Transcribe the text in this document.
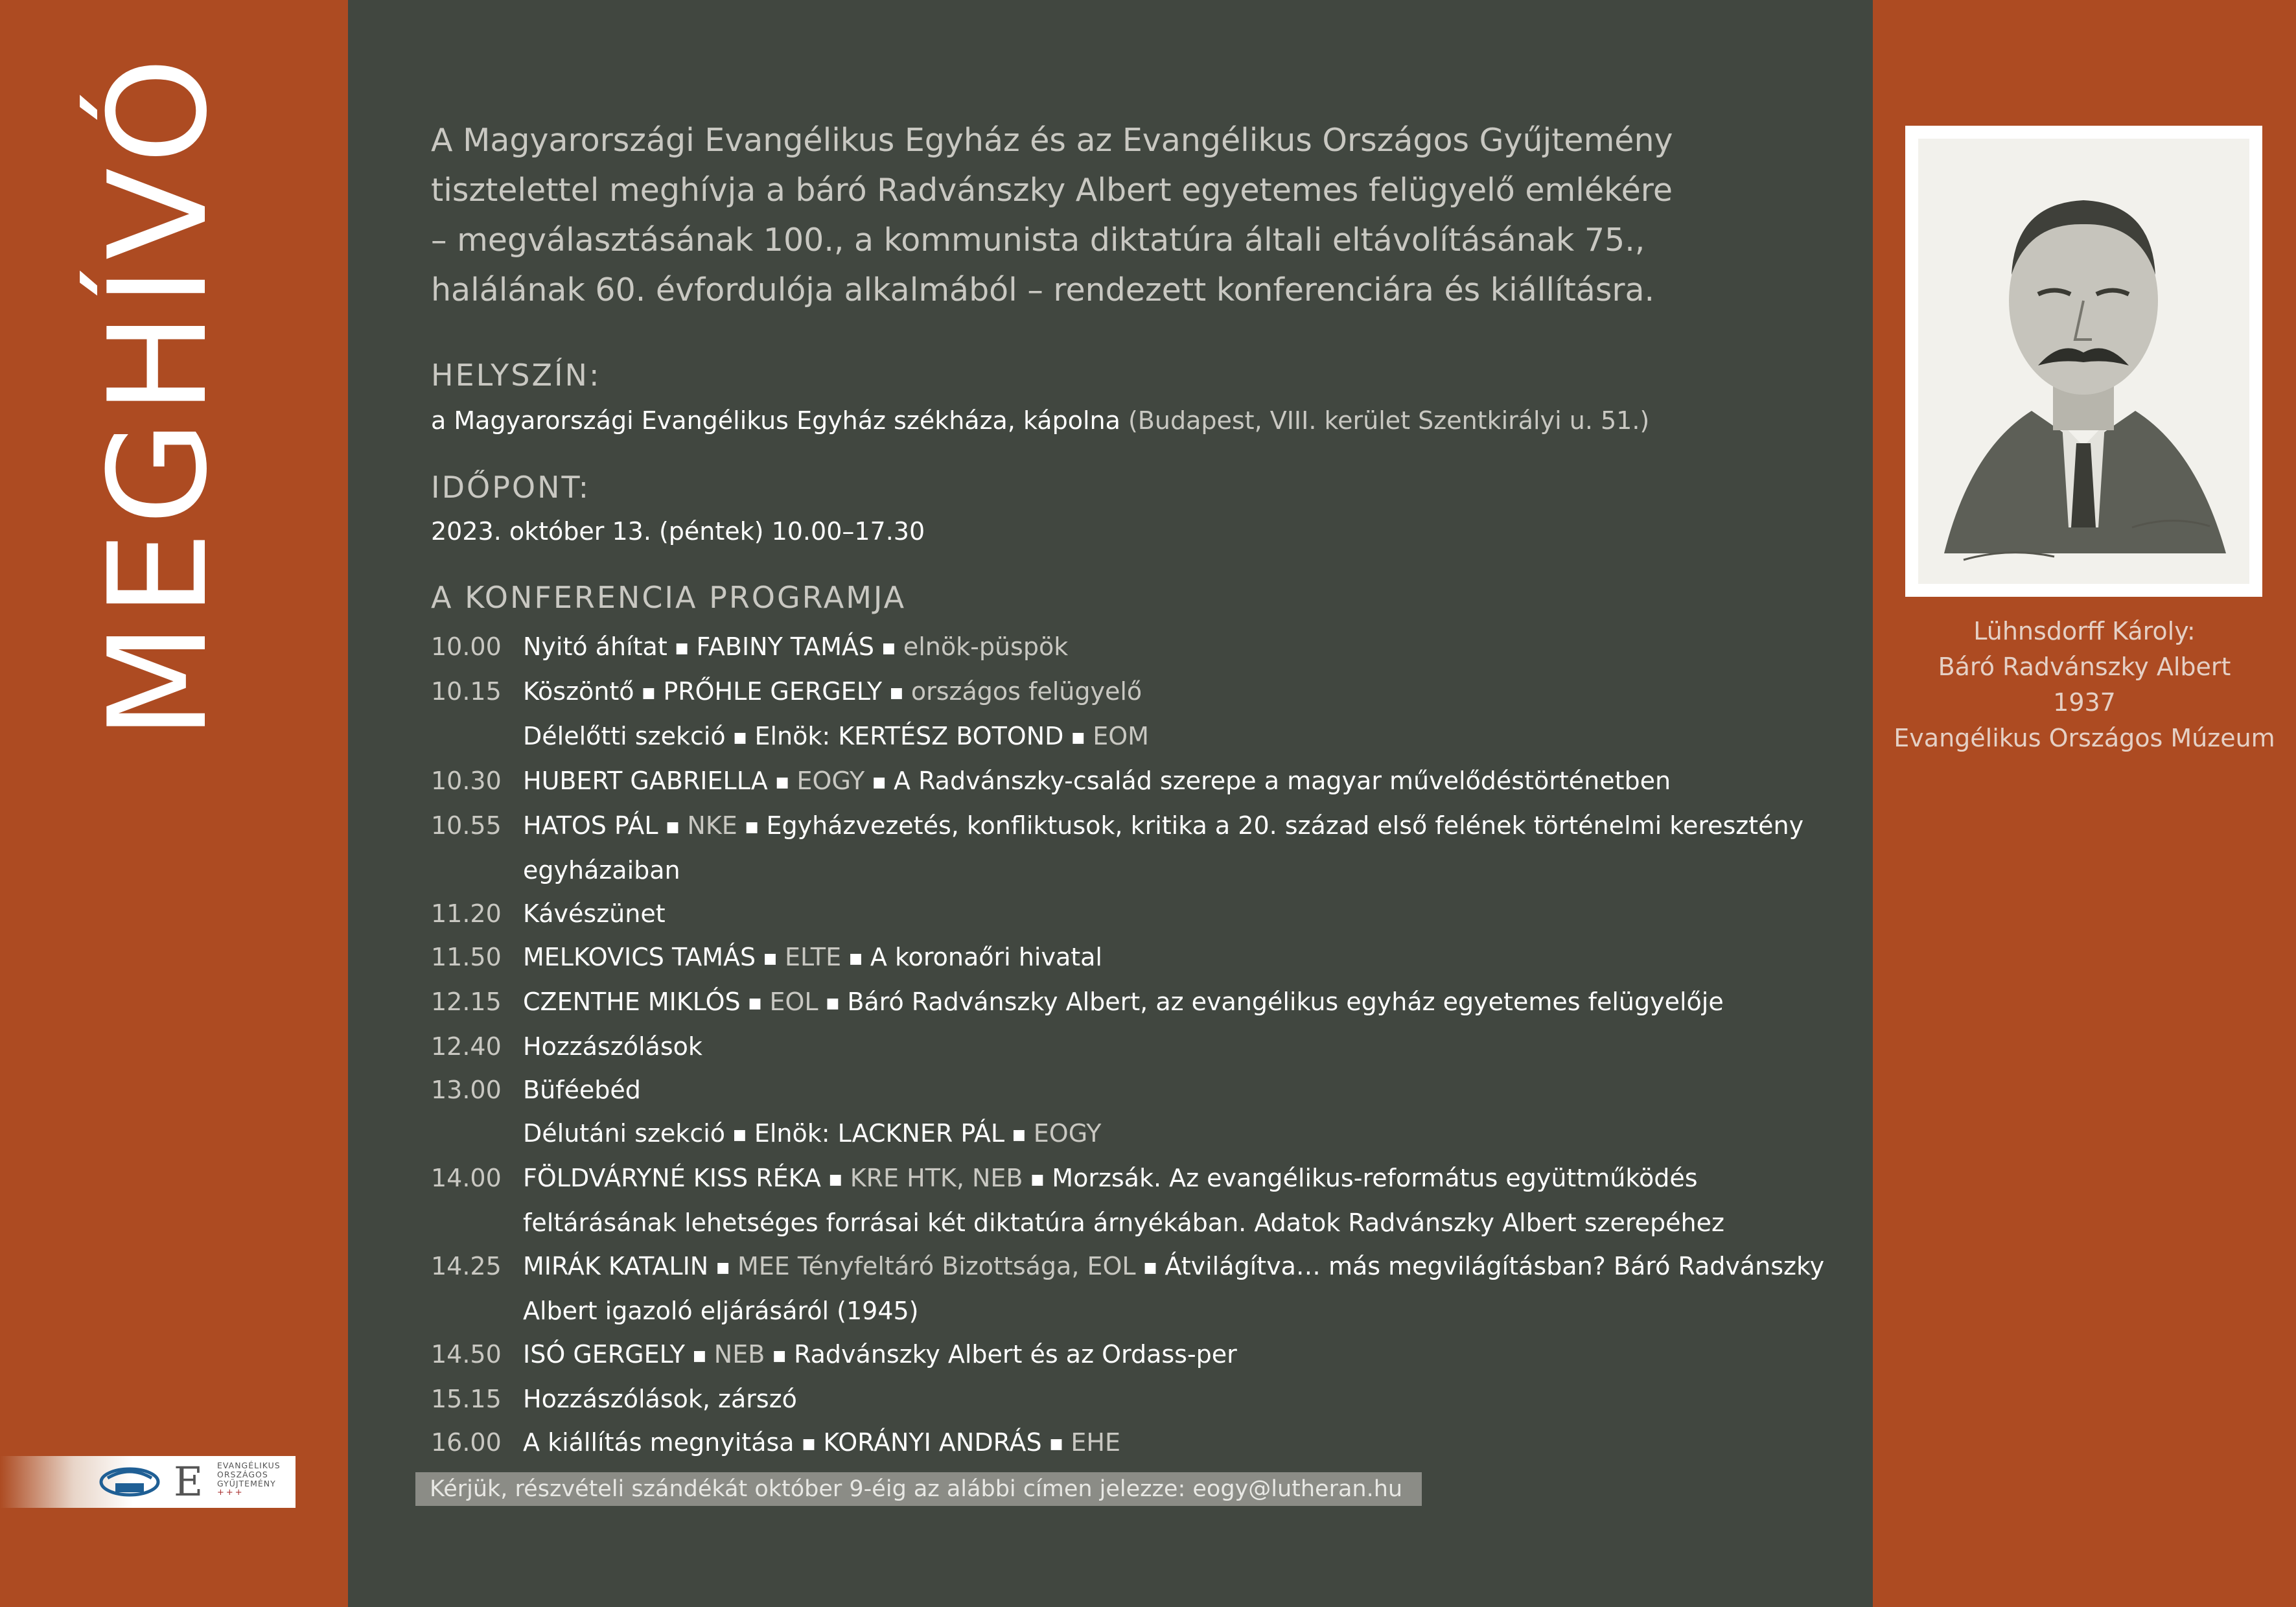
MEGHÍVÓ
E EVANGÉLIKUS
ORSZÁGOS
GYŰJTEMÉNY
+++
A Magyarországi Evangélikus Egyház és az Evangélikus Országos Gyűjtemény
tisztelettel meghívja a báró Radvánszky Albert egyetemes felügyelő emlékére
– megválasztásának 100., a kommunista diktatúra általi eltávolításának 75.,
halálának 60. évfordulója alkalmából – rendezett konferenciára és kiállításra.
HELYSZÍN:
a Magyarországi Evangélikus Egyház székháza, kápolna (Budapest, VIII. kerület Szentkirályi u. 51.)
IDŐPONT:
2023. október 13. (péntek) 10.00–17.30
A KONFERENCIA PROGRAMJA
10.00 Nyitó áhítat ■ FABINY TAMÁS ■ elnök-püspök
10.15 Köszöntő ■ PRŐHLE GERGELY ■ országos felügyelő
Délelőtti szekció ■ Elnök: KERTÉSZ BOTOND ■ EOM
10.30 HUBERT GABRIELLA ■ EOGY ■ A Radvánszky-család szerepe a magyar művelődéstörténetben
10.55 HATOS PÁL ■ NKE ■ Egyházvezetés, konfliktusok, kritika a 20. század első felének történelmi keresztény egyházaiban
11.20 Kávészünet
11.50 MELKOVICS TAMÁS ■ ELTE ■ A koronaőri hivatal
12.15 CZENTHE MIKLÓS ■ EOL ■ Báró Radvánszky Albert, az evangélikus egyház egyetemes felügyelője
12.40 Hozzászólások
13.00 Büféebéd
Délutáni szekció ■ Elnök: LACKNER PÁL ■ EOGY
14.00 FÖLDVÁRYNÉ KISS RÉKA ■ KRE HTK, NEB ■ Morzsák. Az evangélikus-református együttműködés feltárásának lehetséges forrásai két diktatúra árnyékában. Adatok Radvánszky Albert szerepéhez
14.25 MIRÁK KATALIN ■ MEE Tényfeltáró Bizottsága, EOL ■ Átvilágítva… más megvilágításban? Báró Radvánszky Albert igazoló eljárásáról (1945)
14.50 ISÓ GERGELY ■ NEB ■ Radvánszky Albert és az Ordass-per
15.15 Hozzászólások, zárszó
16.00 A kiállítás megnyitása ■ KORÁNYI ANDRÁS ■ EHE
Kérjük, részvételi szándékát október 9-éig az alábbi címen jelezze: eogy@lutheran.hu
Lühnsdorff Károly:
Báró Radvánszky Albert
1937
Evangélikus Országos Múzeum
